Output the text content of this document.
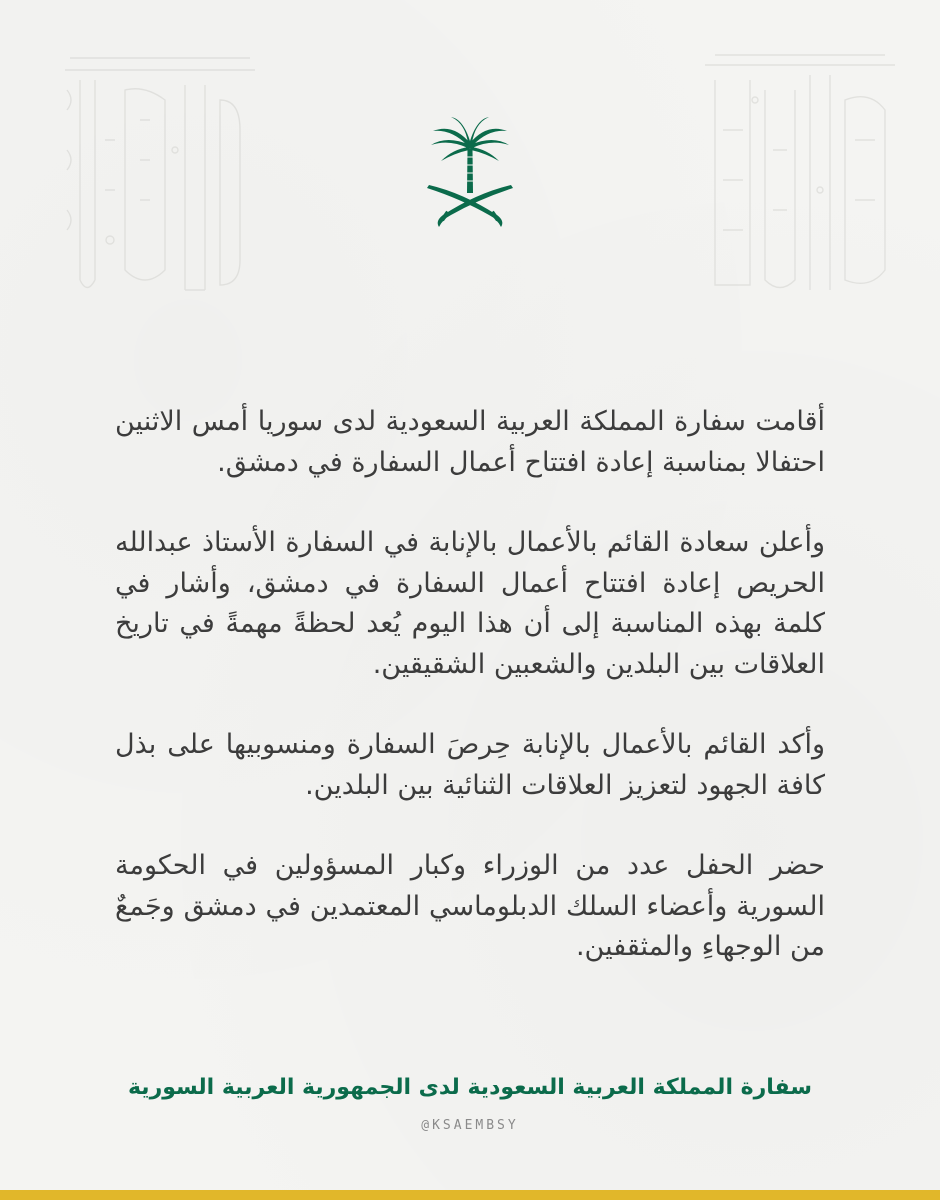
أقامت سفارة المملكة العربية السعودية لدى سوريا أمس الاثنين احتفالا بمناسبة إعادة افتتاح أعمال السفارة في دمشق.

وأعلن سعادة القائم بالأعمال بالإنابة في السفارة الأستاذ عبدالله الحريص إعادة افتتاح أعمال السفارة في دمشق، وأشار في كلمة بهذه المناسبة إلى أن هذا اليوم يُعد لحظةً مهمةً في تاريخ العلاقات بين البلدين والشعبين الشقيقين.

وأكد القائم بالأعمال بالإنابة حِرصَ السفارة ومنسوبيها على بذل كافة الجهود لتعزيز العلاقات الثنائية بين البلدين.

حضر الحفل عدد من الوزراء وكبار المسؤولين في الحكومة السورية وأعضاء السلك الدبلوماسي المعتمدين في دمشق وجَمعٌ من الوجهاءِ والمثقفين.

سفارة المملكة العربية السعودية لدى الجمهورية العربية السورية
@KSAEMBSY
